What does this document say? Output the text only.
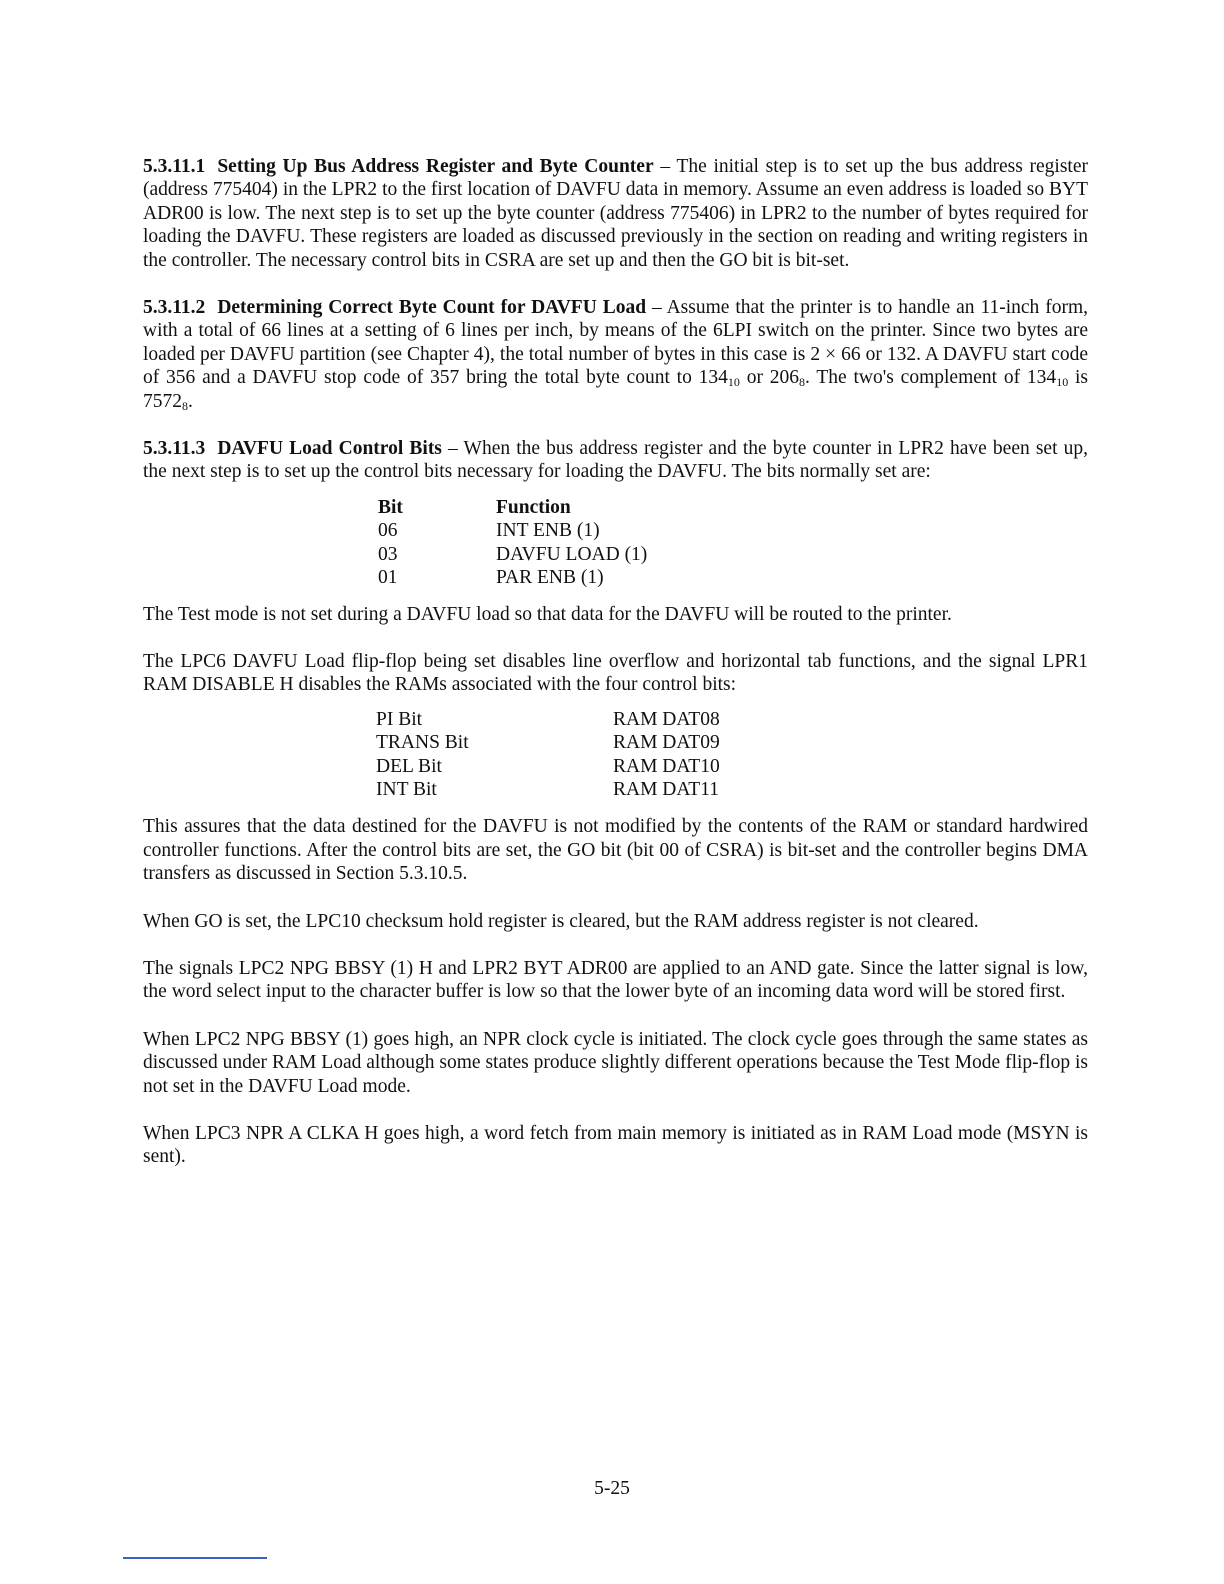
5.3.11.1 Setting Up Bus Address Register and Byte Counter – The initial step is to set up the bus address register (address 775404) in the LPR2 to the first location of DAVFU data in memory. Assume an even address is loaded so BYT ADR00 is low. The next step is to set up the byte counter (address 775406) in LPR2 to the number of bytes required for loading the DAVFU. These registers are loaded as discussed previously in the section on reading and writing registers in the controller. The necessary control bits in CSRA are set up and then the GO bit is bit-set.

5.3.11.2 Determining Correct Byte Count for DAVFU Load – Assume that the printer is to handle an 11-inch form, with a total of 66 lines at a setting of 6 lines per inch, by means of the 6LPI switch on the printer. Since two bytes are loaded per DAVFU partition (see Chapter 4), the total number of bytes in this case is 2 × 66 or 132. A DAVFU start code of 356 and a DAVFU stop code of 357 bring the total byte count to $134_{10}$ or $206_8$. The two's complement of $134_{10}$ is $7572_8$.

5.3.11.3 DAVFU Load Control Bits – When the bus address register and the byte counter in LPR2 have been set up, the next step is to set up the control bits necessary for loading the DAVFU. The bits normally set are:

Bit	Function
06	INT ENB (1)
03	DAVFU LOAD (1)
01	PAR ENB (1)

The Test mode is not set during a DAVFU load so that data for the DAVFU will be routed to the printer.

The LPC6 DAVFU Load flip-flop being set disables line overflow and horizontal tab functions, and the signal LPR1 RAM DISABLE H disables the RAMs associated with the four control bits:

PI Bit	RAM DAT08
TRANS Bit	RAM DAT09
DEL Bit	RAM DAT10
INT Bit	RAM DAT11

This assures that the data destined for the DAVFU is not modified by the contents of the RAM or standard hardwired controller functions. After the control bits are set, the GO bit (bit 00 of CSRA) is bit-set and the controller begins DMA transfers as discussed in Section 5.3.10.5.

When GO is set, the LPC10 checksum hold register is cleared, but the RAM address register is not cleared.

The signals LPC2 NPG BBSY (1) H and LPR2 BYT ADR00 are applied to an AND gate. Since the latter signal is low, the word select input to the character buffer is low so that the lower byte of an incoming data word will be stored first.

When LPC2 NPG BBSY (1) goes high, an NPR clock cycle is initiated. The clock cycle goes through the same states as discussed under RAM Load although some states produce slightly different operations because the Test Mode flip-flop is not set in the DAVFU Load mode.

When LPC3 NPR A CLKA H goes high, a word fetch from main memory is initiated as in RAM Load mode (MSYN is sent).

5-25
